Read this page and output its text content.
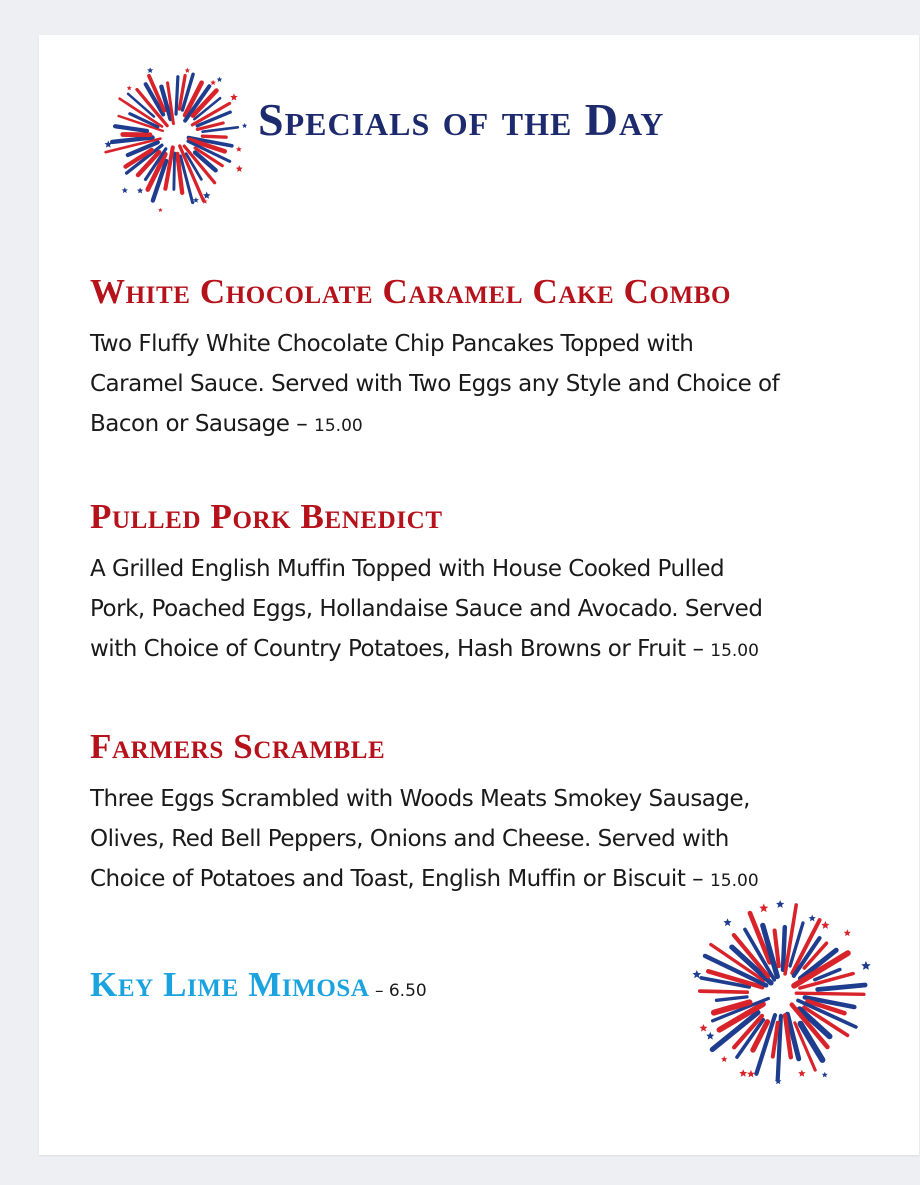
Specials of the Day
White Chocolate Caramel Cake Combo

Two Fluffy White Chocolate Chip Pancakes Topped with
Caramel Sauce. Served with Two Eggs any Style and Choice of
Bacon or Sausage – 15.00

Pulled Pork Benedict

A Grilled English Muffin Topped with House Cooked Pulled
Pork, Poached Eggs, Hollandaise Sauce and Avocado. Served
with Choice of Country Potatoes, Hash Browns or Fruit – 15.00

Farmers Scramble

Three Eggs Scrambled with Woods Meats Smokey Sausage,
Olives, Red Bell Peppers, Onions and Cheese. Served with
Choice of Potatoes and Toast, English Muffin or Biscuit – 15.00

Key Lime Mimosa – 6.50
